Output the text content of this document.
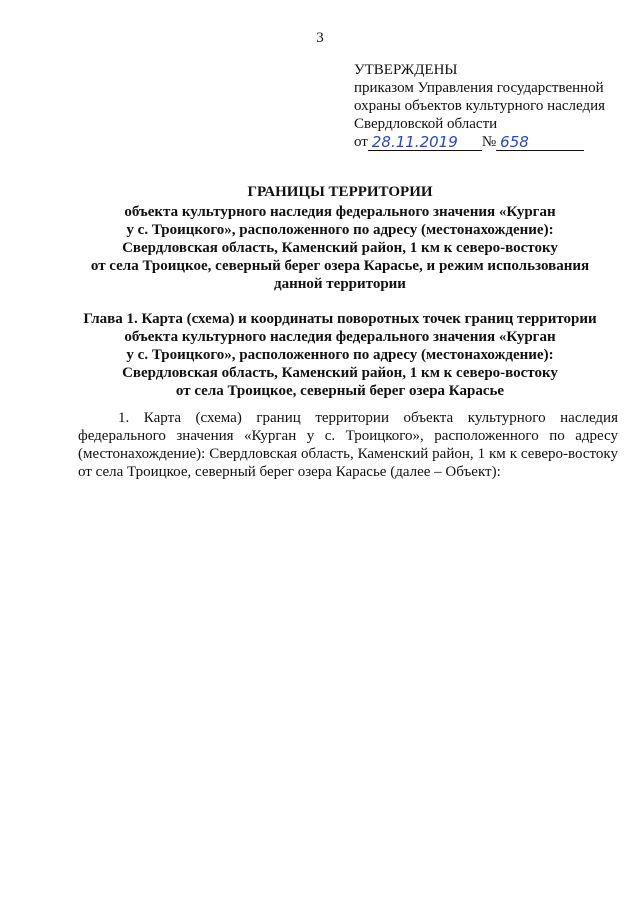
3
УТВЕРЖДЕНЫ
приказом Управления государственной
охраны объектов культурного наследия
Свердловской области
от 28.11.2019	№ 658
ГРАНИЦЫ ТЕРРИТОРИИ
объекта культурного наследия федерального значения «Курган
у с. Троицкого», расположенного по адресу (местонахождение):
Свердловская область, Каменский район, 1 км к северо-востоку
от села Троицкое, северный берег озера Карасье, и режим использования
данной территории
Глава 1. Карта (схема) и координаты поворотных точек границ территории
объекта культурного наследия федерального значения «Курган
у с. Троицкого», расположенного по адресу (местонахождение):
Свердловская область, Каменский район, 1 км к северо-востоку
от села Троицкое, северный берег озера Карасье
1. Карта (схема) границ территории объекта культурного наследия федерального значения «Курган у с. Троицкого», расположенного по адресу (местонахождение): Свердловская область, Каменский район, 1 км к северо-востоку от села Троицкое, северный берег озера Карасье (далее – Объект):
